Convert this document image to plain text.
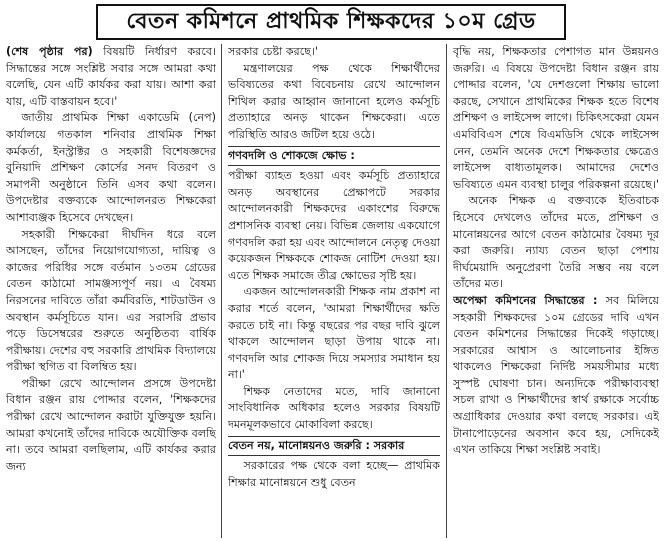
বেতন কমিশনে প্রাথমিক শিক্ষকদের ১০ম গ্রেড

(শেষ পৃষ্ঠার পর) বিষয়টি নির্ধারণ করবে। সিদ্ধান্তের সঙ্গে সংশ্লিষ্ট সবার সঙ্গে আমরা কথা বলেছি, যেন এটি কার্যকর করা যায়। আশা করা যায়, এটি বাস্তবায়ন হবে।'

জাতীয় প্রাথমিক শিক্ষা একাডেমি (নেপ) কার্যালয়ে গতকাল শনিবার প্রাথমিক শিক্ষা কর্মকর্তা, ইনস্ট্রাক্টর ও সহকারী বিশেষজ্ঞদের বুনিয়াদি প্রশিক্ষণ কোর্সের সনদ বিতরণ ও সমাপনী অনুষ্ঠানে তিনি এসব কথা বলেন। উপদেষ্টার বক্তব্যকে আন্দোলনরত শিক্ষকেরা আশাব্যঞ্জক হিসেবে দেখছেন।

সহকারী শিক্ষকেরা দীর্ঘদিন ধরে বলে আসছেন, তাঁদের নিয়োগযোগ্যতা, দায়িত্ব ও কাজের পরিধির সঙ্গে বর্তমান ১৩তম গ্রেডের বেতন কাঠামো সামঞ্জস্যপূর্ণ নয়। এ বৈষম্য নিরসনের দাবিতে তাঁরা কর্মবিরতি, শাটডাউন ও অবস্থান কর্মসূচিতে যান। এর সরাসরি প্রভাব পড়ে ডিসেম্বরের শুরুতে অনুষ্ঠিতব্য বার্ষিক পরীক্ষায়। দেশের বহু সরকারি প্রাথমিক বিদ্যালয়ে পরীক্ষা স্থগিত বা বিলম্বিত হয়।

পরীক্ষা রেখে আন্দোলন প্রসঙ্গে উপদেষ্টা বিধান রঞ্জন রায় পোদ্দার বলেন, 'শিক্ষকদের পরীক্ষা রেখে আন্দোলন করাটা যুক্তিযুক্ত হয়নি। আমরা কখনোই তাঁদের দাবিকে অযৌক্তিক বলছি না। তবে আমরা বলছিলাম, এটি কার্যকর করার জন্য

সরকার চেষ্টা করছে।'

মন্ত্রণালয়ের পক্ষ থেকে শিক্ষার্থীদের ভবিষ্যতের কথা বিবেচনায় রেখে আন্দোলন শিথিল করার আহ্বান জানানো হলেও কর্মসূচি প্রত্যাহারে অনড় থাকেন শিক্ষকেরা। এতে পরিস্থিতি আরও জটিল হয়ে ওঠে।

গণবদলি ও শোকজে ক্ষোভ :

পরীক্ষা ব্যাহত হওয়া এবং কর্মসূচি প্রত্যাহারে অনড় অবস্থানের প্রেক্ষাপটে সরকার আন্দোলনকারী শিক্ষকদের একাংশের বিরুদ্ধে প্রশাসনিক ব্যবস্থা নেয়। বিভিন্ন জেলায় একযোগে গণবদলি করা হয় এবং আন্দোলনে নেতৃত্ব দেওয়া কয়েকজন শিক্ষককে শোকজ নোটিশ দেওয়া হয়। এতে শিক্ষক সমাজে তীব্র ক্ষোভের সৃষ্টি হয়।

একজন আন্দোলনকারী শিক্ষক নাম প্রকাশ না করার শর্তে বলেন, 'আমরা শিক্ষার্থীদের ক্ষতি করতে চাই না। কিন্তু বছরের পর বছর দাবি ঝুলে থাকলে আন্দোলন ছাড়া উপায় থাকে না। গণবদলি আর শোকজ দিয়ে সমস্যার সমাধান হয় না।'

শিক্ষক নেতাদের মতে, দাবি জানানো সাংবিধানিক অধিকার হলেও সরকার বিষয়টি দমনমূলকভাবে মোকাবিলা করছে।

বেতন নয়, মানোন্নয়নও জরুরি : সরকার

সরকারের পক্ষ থেকে বলা হচ্ছে— প্রাথমিক শিক্ষার মানোন্নয়নে শুধু বেতন

বৃদ্ধি নয়, শিক্ষকতার পেশাগত মান উন্নয়নও জরুরি। এ বিষয়ে উপদেষ্টা বিধান রঞ্জন রায় পোদ্দার বলেন, 'যে দেশগুলো শিক্ষায় ভালো করছে, সেখানে প্রাথমিকের শিক্ষক হতে বিশেষ প্রশিক্ষণ ও লাইসেন্স লাগে। চিকিৎসকেরা যেমন এমবিবিএস শেষে বিএমডিসি থেকে লাইসেন্স নেন, তেমনি অনেক দেশে শিক্ষকতার ক্ষেত্রেও লাইসেন্স বাধ্যতামূলক। আমাদের দেশেও ভবিষ্যতে এমন ব্যবস্থা চালুর পরিকল্পনা রয়েছে।'

অনেক শিক্ষক এ বক্তব্যকে ইতিবাচক হিসেবে দেখলেও তাঁদের মতে, প্রশিক্ষণ ও মানোন্নয়নের আগে বেতন কাঠামোর বৈষম্য দূর করা জরুরি। ন্যায্য বেতন ছাড়া পেশায় দীর্ঘমেয়াদি অনুপ্রেরণা তৈরি সম্ভব নয় বলে তাঁদের মত।

অপেক্ষা কমিশনের সিদ্ধান্তের : সব মিলিয়ে সহকারী শিক্ষকদের ১০ম গ্রেডের দাবি এখন বেতন কমিশনের সিদ্ধান্তের দিকেই গড়াচ্ছে। সরকারের আশ্বাস ও আলোচনার ইঙ্গিত থাকলেও শিক্ষকেরা নির্দিষ্ট সময়সীমার মধ্যে সুস্পষ্ট ঘোষণা চান। অন্যদিকে পরীক্ষাব্যবস্থা সচল রাখা ও শিক্ষার্থীদের স্বার্থ রক্ষাকে সর্বোচ্চ অগ্রাধিকার দেওয়ার কথা বলছে সরকার। এই টানাপোড়েনের অবসান কবে হয়, সেদিকেই এখন তাকিয়ে শিক্ষা সংশ্লিষ্ট সবাই।
